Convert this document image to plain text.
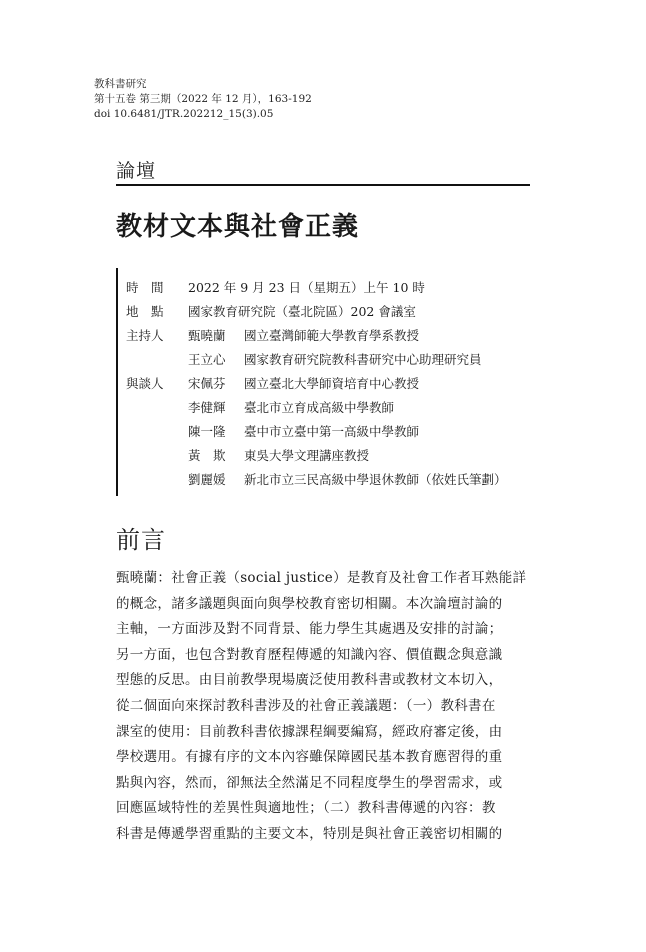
教科書研究
第十五卷 第三期（2022 年 12 月），163-192
doi 10.6481/JTR.202212_15(3).05
論壇
教材文本與社會正義
時　間	2022 年 9 月 23 日（星期五）上午 10 時
地　點	國家教育研究院（臺北院區）202 會議室
主持人	甄曉蘭	國立臺灣師範大學教育學系教授
王立心	國家教育研究院教科書研究中心助理研究員
與談人	宋佩芬	國立臺北大學師資培育中心教授
李健輝	臺北市立育成高級中學教師
陳一隆	臺中市立臺中第一高級中學教師
黃　欺	東吳大學文理講座教授
劉麗媛	新北市立三民高級中學退休教師（依姓氏筆劃）
前言
甄曉蘭：社會正義（social justice）是教育及社會工作者耳熟能詳
的概念，諸多議題與面向與學校教育密切相關。本次論壇討論的
主軸，一方面涉及對不同背景、能力學生其處遇及安排的討論；
另一方面，也包含對教育歷程傳遞的知識內容、價值觀念與意識
型態的反思。由目前教學現場廣泛使用教科書或教材文本切入，
從二個面向來探討教科書涉及的社會正義議題：（一）教科書在
課室的使用：目前教科書依據課程綱要編寫，經政府審定後，由
學校選用。有據有序的文本內容雖保障國民基本教育應習得的重
點與內容，然而，卻無法全然滿足不同程度學生的學習需求，或
回應區域特性的差異性與適地性；（二）教科書傳遞的內容：教
科書是傳遞學習重點的主要文本，特別是與社會正義密切相關的
